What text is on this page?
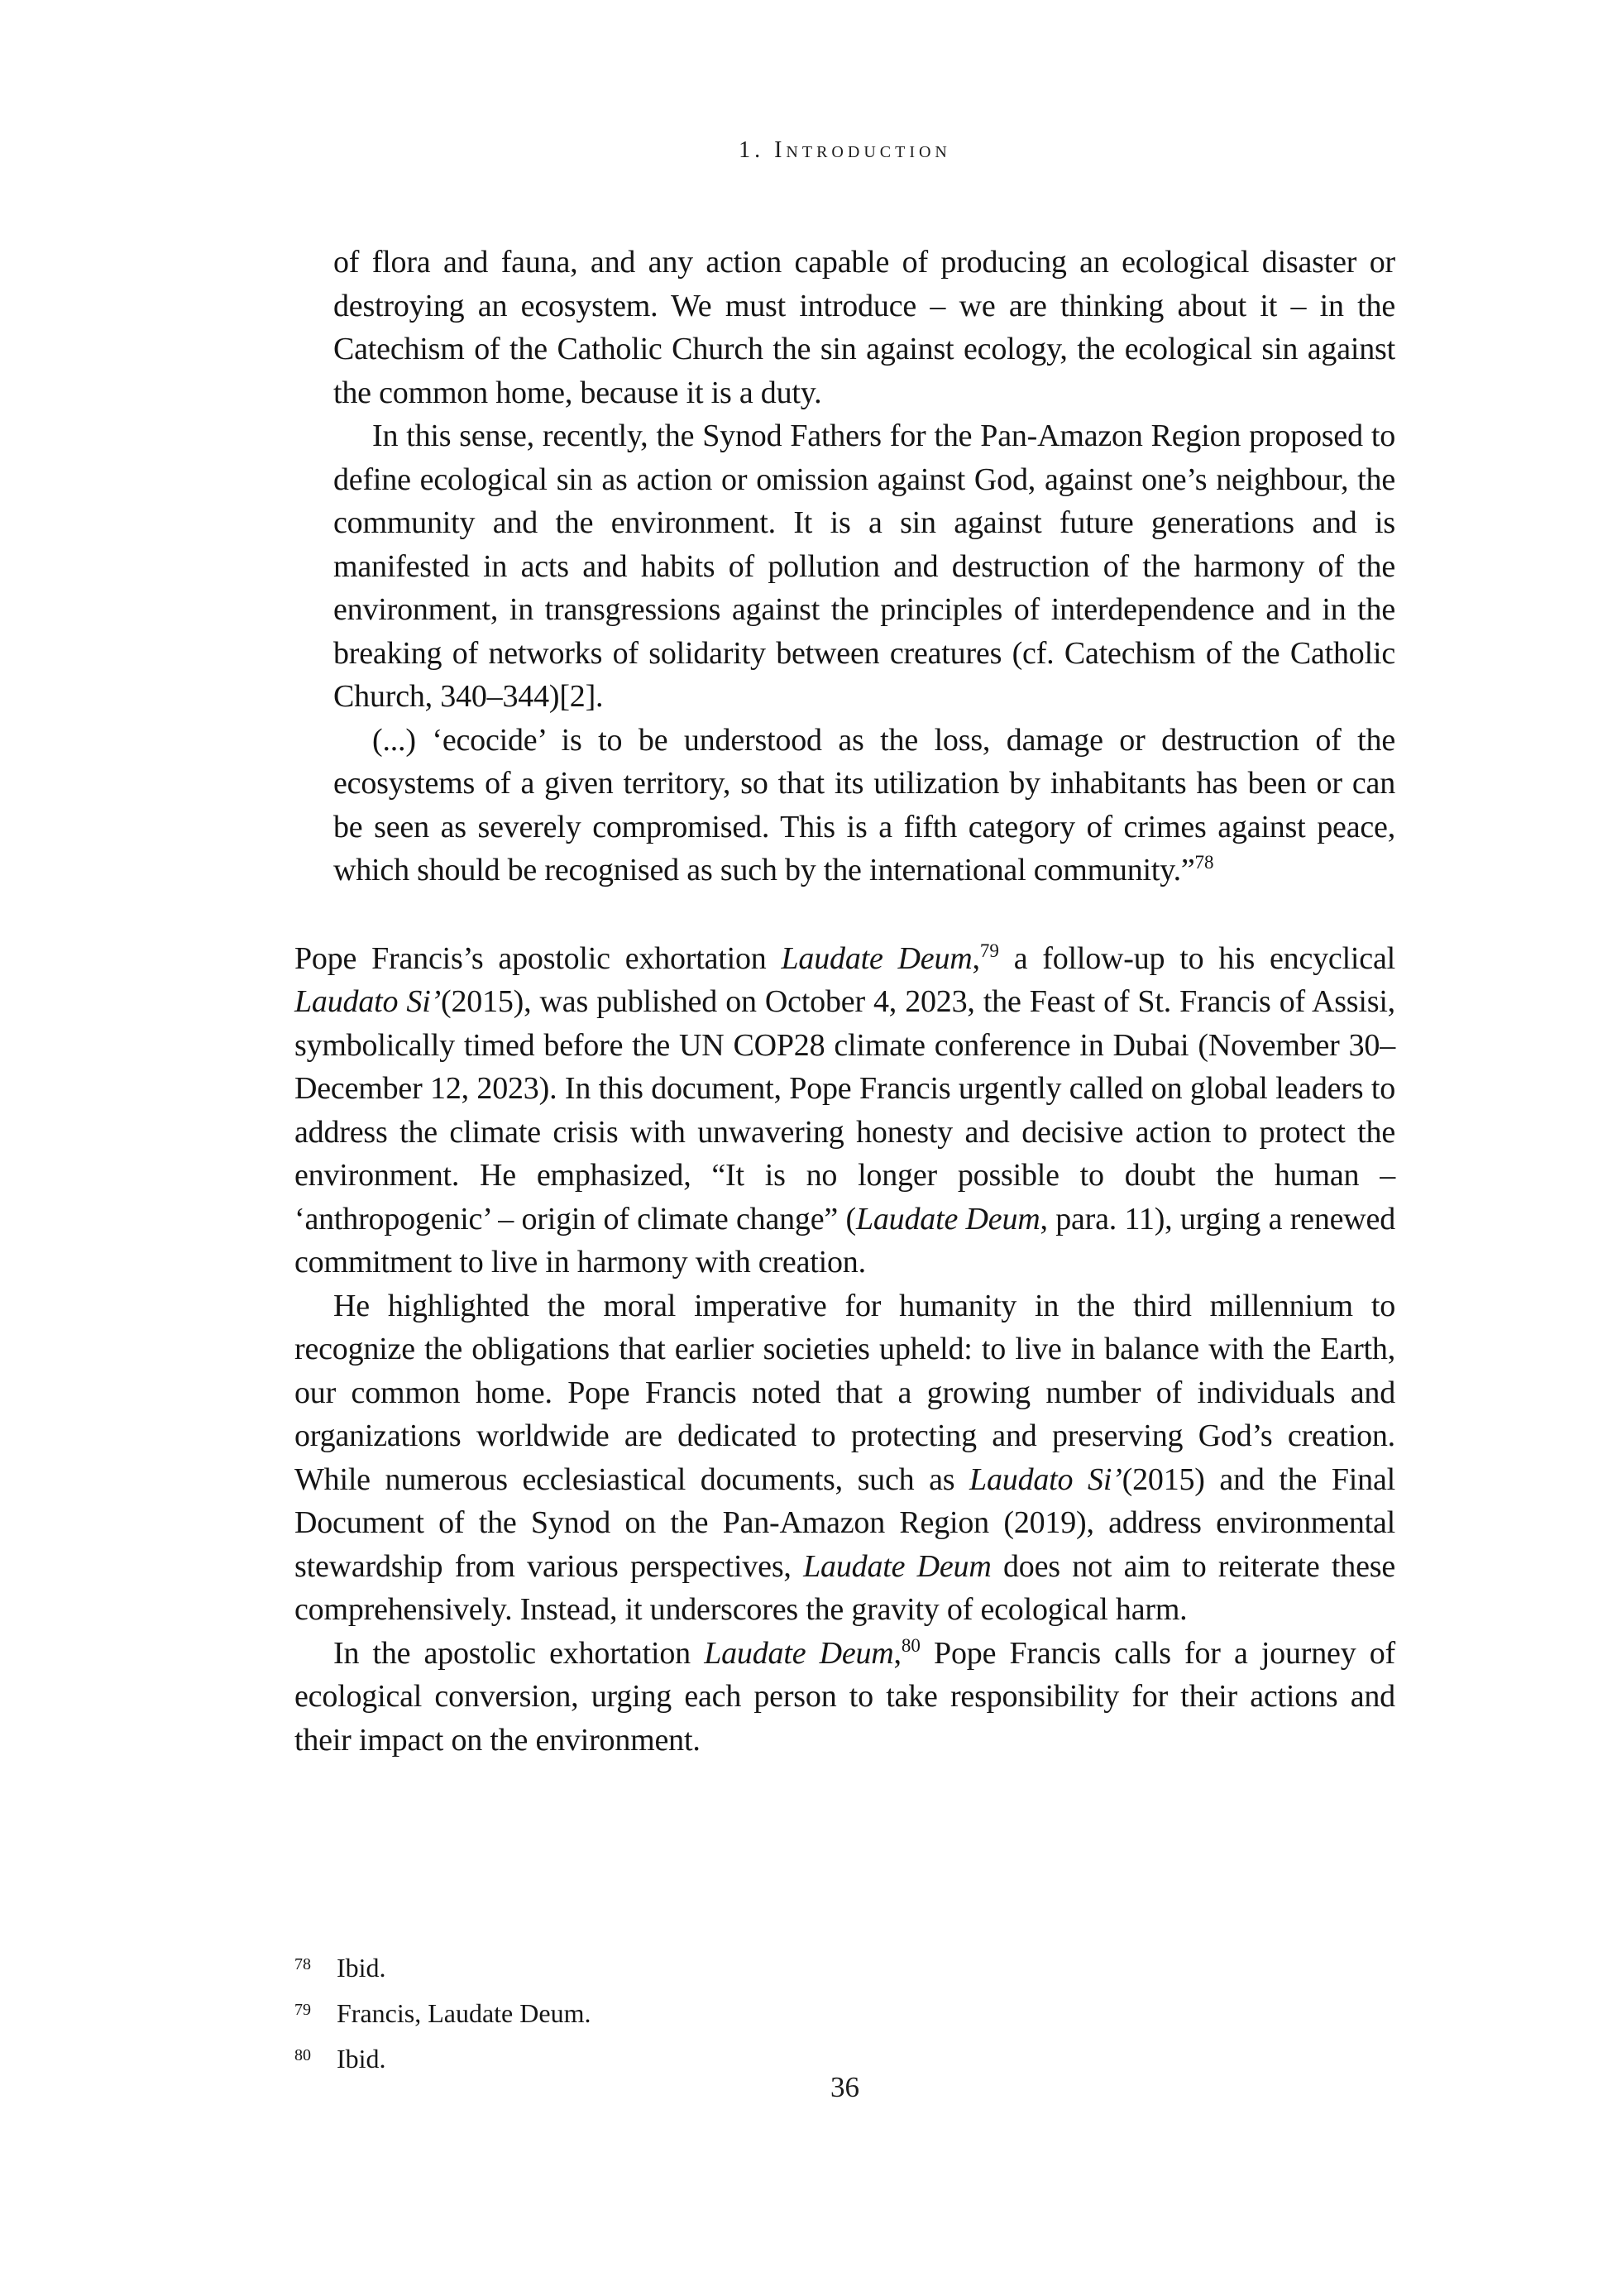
1. Introduction

of flora and fauna, and any action capable of producing an ecological disaster or destroying an ecosystem. We must introduce – we are thinking about it – in the Catechism of the Catholic Church the sin against ecology, the ecological sin against the common home, because it is a duty.

In this sense, recently, the Synod Fathers for the Pan-Amazon Region proposed to define ecological sin as action or omission against God, against one’s neighbour, the community and the environment. It is a sin against future generations and is manifested in acts and habits of pollution and destruction of the harmony of the environment, in transgressions against the principles of interdependence and in the breaking of networks of solidarity between creatures (cf. Catechism of the Catholic Church, 340–344)[2].

(...) ‘ecocide’ is to be understood as the loss, damage or destruction of the ecosystems of a given territory, so that its utilization by inhabitants has been or can be seen as severely compromised. This is a fifth category of crimes against peace, which should be recognised as such by the international community.”$^{78}$

Pope Francis’s apostolic exhortation Laudate Deum,$^{79}$ a follow-up to his encyclical Laudato Si’(2015), was published on October 4, 2023, the Feast of St. Francis of Assisi, symbolically timed before the UN COP28 climate conference in Dubai (November 30–December 12, 2023). In this document, Pope Francis urgently called on global leaders to address the climate crisis with unwavering honesty and decisive action to protect the environment. He emphasized, “It is no longer possible to doubt the human – ‘anthropogenic’ – origin of climate change” (Laudate Deum, para. 11), urging a renewed commitment to live in harmony with creation.

He highlighted the moral imperative for humanity in the third millennium to recognize the obligations that earlier societies upheld: to live in balance with the Earth, our common home. Pope Francis noted that a growing number of individuals and organizations worldwide are dedicated to protecting and preserving God’s creation. While numerous ecclesiastical documents, such as Laudato Si’(2015) and the Final Document of the Synod on the Pan-Amazon Region (2019), address environmental stewardship from various perspectives, Laudate Deum does not aim to reiterate these comprehensively. Instead, it underscores the gravity of ecological harm.

In the apostolic exhortation Laudate Deum,$^{80}$ Pope Francis calls for a journey of ecological conversion, urging each person to take responsibility for their actions and their impact on the environment.

78 Ibid.

79 Francis, Laudate Deum.

80 Ibid.

36
